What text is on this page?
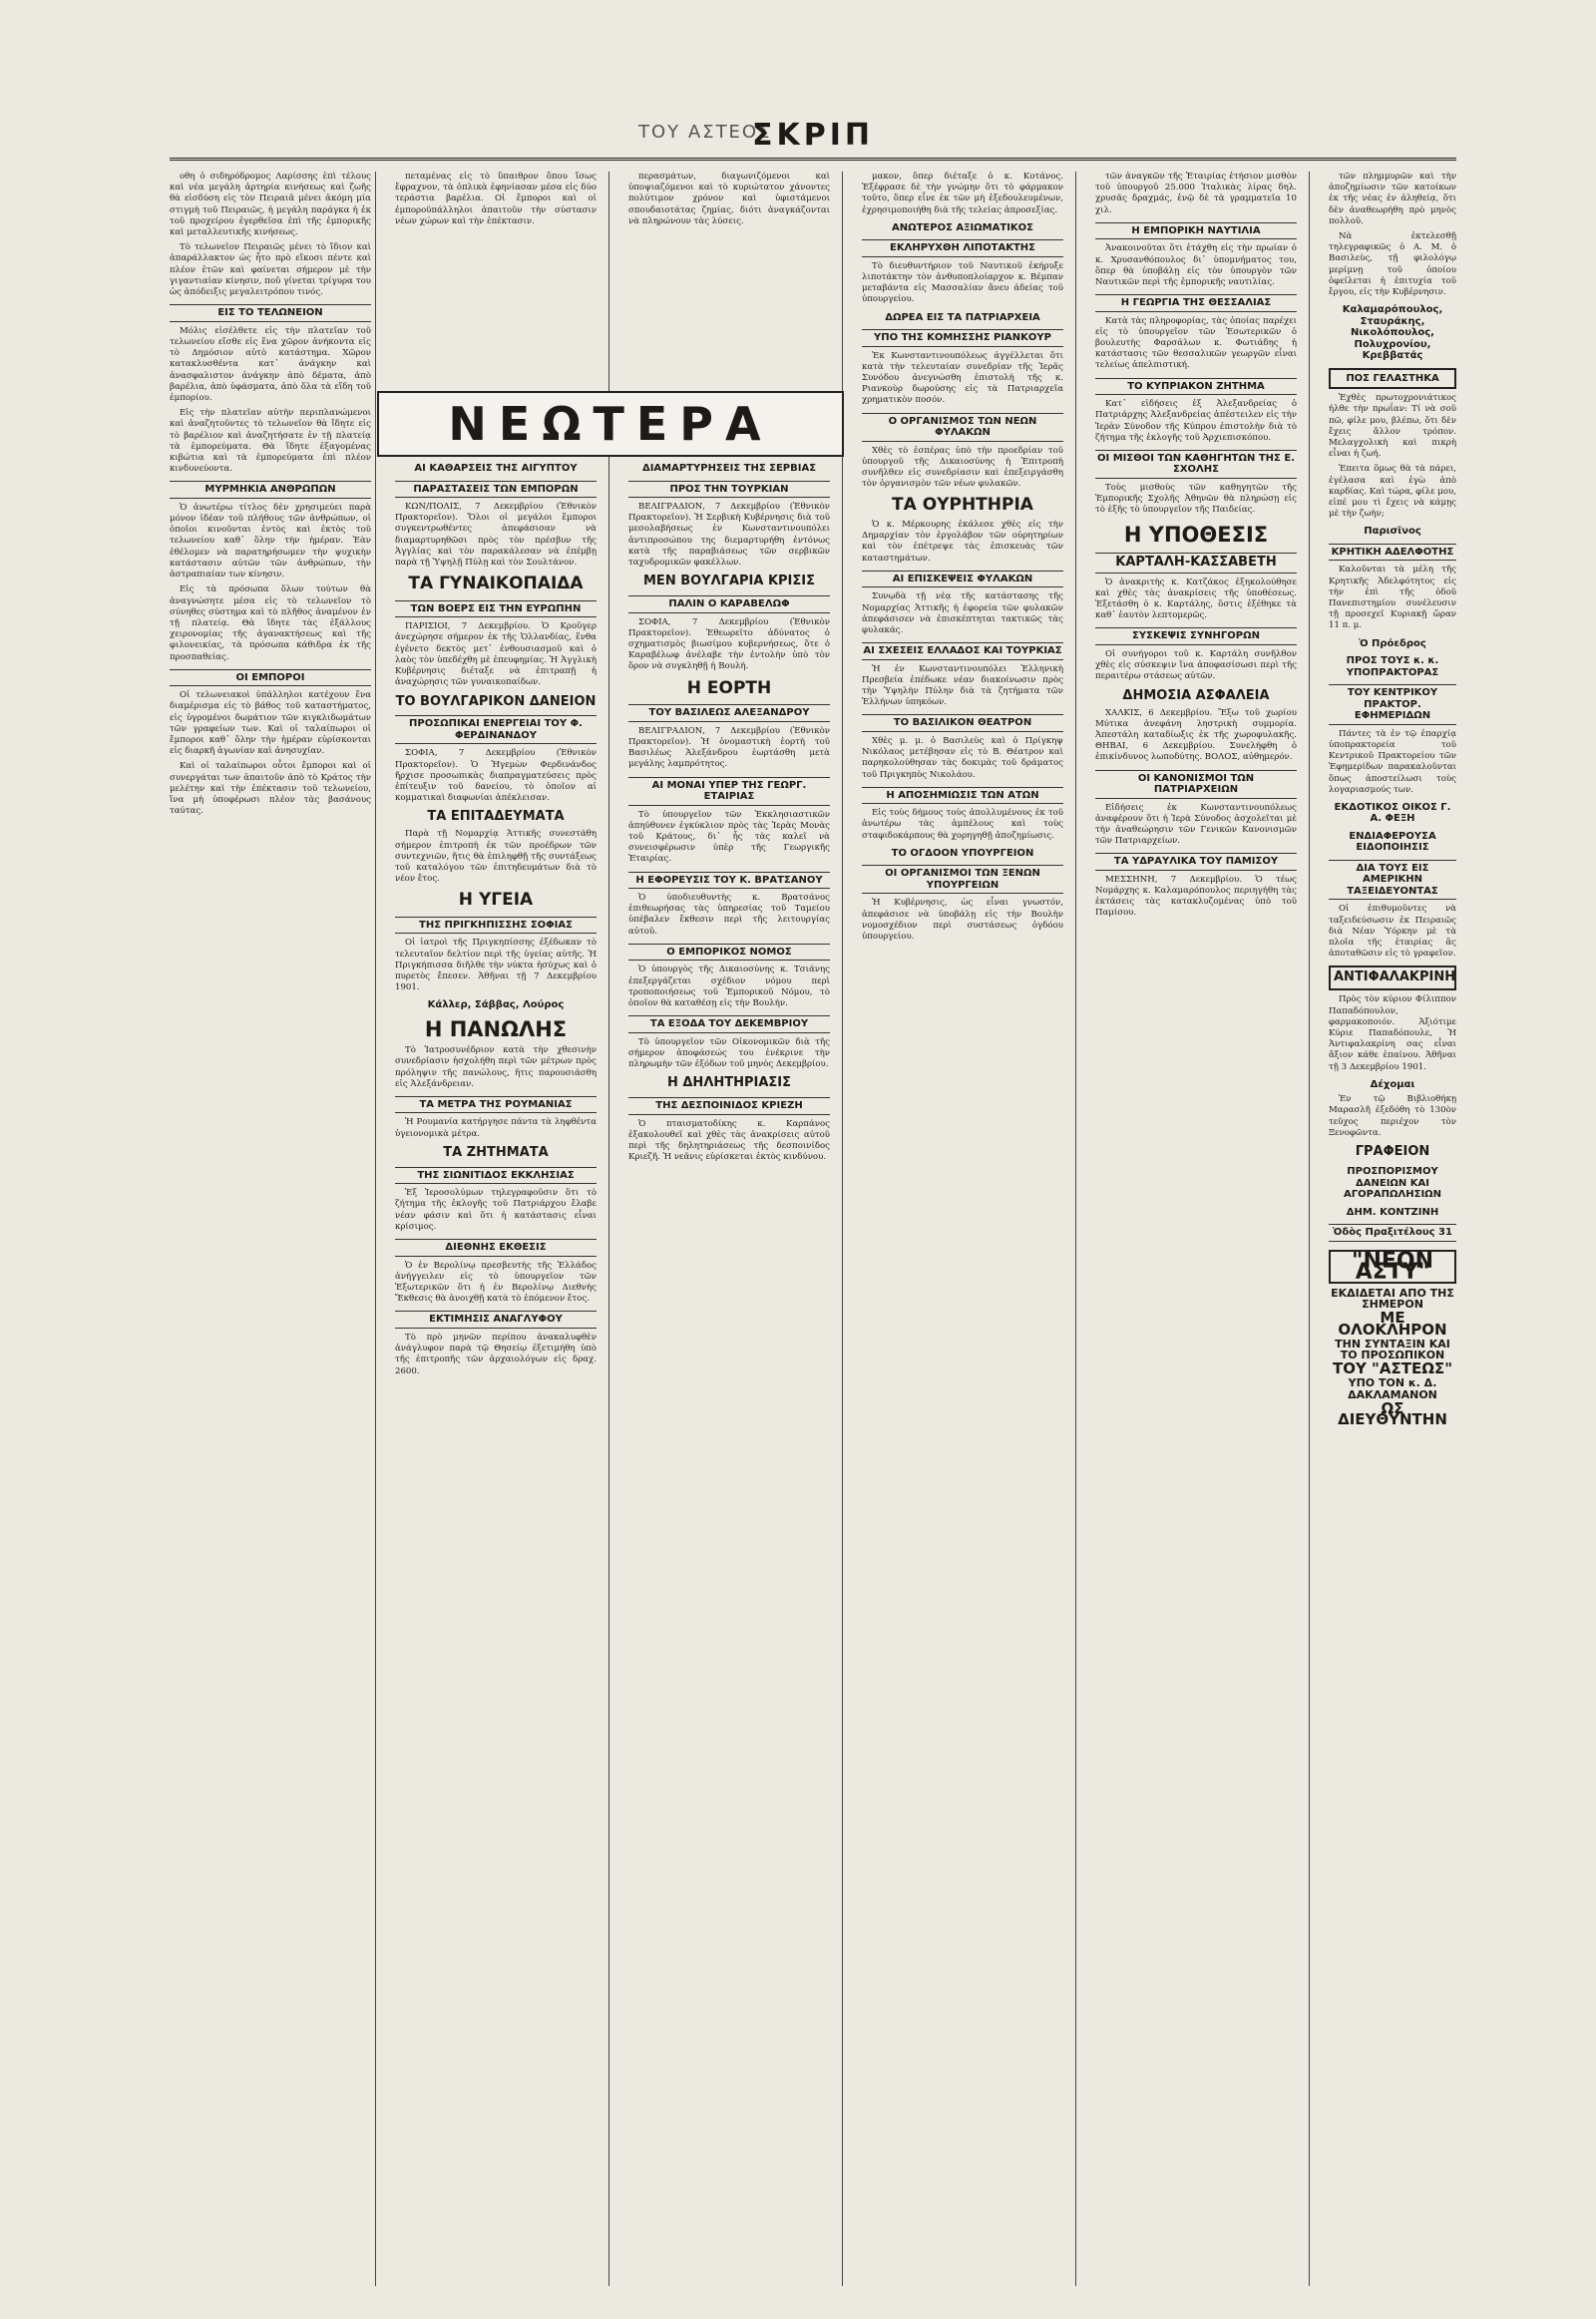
ΤΟΥ ΑΣΤΕΟΣ
ΣΚΡΙΠ

οθη ὁ σιδηρόδρομος Λαρίσσης ἐπὶ τέλους καὶ νέα μεγάλη ἀρτηρία κινήσεως καὶ ζωῆς θὰ εἰσδύση εἰς τὸν Πειραιᾶ μένει ἀκόμη μία στιγμὴ τοῦ Πειραιῶς, ἡ μεγάλη παράγκα ἡ ἐκ τοῦ προχείρου ἐγερθεῖσα ἐπὶ τῆς ἐμπορικῆς καὶ μεταλλευτικῆς κινήσεως.

Τὸ τελωνεῖον Πειραιῶς μένει τὸ ἴδιον καὶ ἀπαράλλακτον ὡς ἦτο πρὸ εἴκοσι πέντε καὶ πλέον ἐτῶν καὶ φαίνεται σήμερον μὲ τὴν γιγαντιαίαν κίνησιν, ποῦ γίνεται τρίγυρα του ὡς ἀπόδειξις μεγαλειτρόπου τινός.

ΕΙΣ ΤΟ ΤΕΛΩΝΕΙΟΝ

Μόλις εἰσέλθετε εἰς τὴν πλατεῖαν τοῦ τελωνείου εἴσθε εἰς ἕνα χῶρον ἀνήκοντα εἰς τὸ Δημόσιον αὐτὸ κατάστημα. Χῶρον κατακλυσθέντα κατ᾽ ἀνάγκην καὶ ἀνασφαλιστον ἀνάγκην ἀπὸ δέματα, ἀπὸ βαρέλια, ἀπὸ ὑφάσματα, ἀπὸ ὅλα τὰ εἴδη τοῦ ἐμπορίου.

Εἰς τὴν πλατεῖαν αὐτὴν περιπλανώμενοι καὶ ἀναζητοῦντες τὸ τελωνεῖον θὰ ἴδητε εἰς τὸ βαρέλιον καὶ ἀναζητήσατε ἐν τῇ πλατείᾳ τὰ ἐμπορεύματα. Θὰ ἴδητε ἐξαγομένας κιβώτια καὶ τὰ ἐμπορεύματα ἐπὶ πλέον κινδυνεύοντα.

ΜΥΡΜΗΚΙΑ ΑΝΘΡΩΠΩΝ

Ὁ ἀνωτέρω τίτλος δὲν χρησιμεύει παρὰ μόνον ἰδέαν τοῦ πλήθους τῶν ἀνθρώπων, οἱ ὁποῖοι κινοῦνται ἐντὸς καὶ ἐκτὸς τοῦ τελωνείου καθ᾽ ὅλην τὴν ἡμέραν. Ἐὰν ἐθέλομεν νὰ παρατηρήσωμεν τὴν ψυχικὴν κατάστασιν αὐτῶν τῶν ἀνθρώπων, τὴν ἀστραπιαίαν των κίνησιν.

Εἰς τὰ πρόσωπα ὅλων τούτων θὰ ἀναγνώσητε μέσα εἰς τὸ τελωνεῖον τὸ σύνηθες σύστημα καὶ τὸ πλῆθος ἀναμένον ἐν τῇ πλατείᾳ. Θὰ ἴδητε τὰς ἐξάλλους χειρονομίας τῆς ἀγανακτήσεως καὶ τῆς φιλονεικίας, τὰ πρόσωπα κάθιδρα ἐκ τῆς προσπαθείας.

ΟΙ ΕΜΠΟΡΟΙ

Οἱ τελωνειακοὶ ὑπάλληλοι κατέχουν ἕνα διαμέρισμα εἰς τὸ βάθος τοῦ καταστήματος, εἰς ὑγρομένοι δωμάτιον τῶν κιγκλιδωμάτων τῶν γραφείων των. Καὶ οἱ ταλαίπωροι οἱ ἔμποροι καθ᾽ ὅλην τὴν ἡμέραν εὑρίσκονται εἰς διαρκῆ ἀγωνίαν καὶ ἀνησυχίαν.

Καὶ οἱ ταλαίπωροι οὗτοι ἔμποροι καὶ οἱ συνεργάται των ἀπαιτοῦν ἀπὸ τὸ Κράτος τὴν μελέτην καὶ τὴν ἐπέκτασιν τοῦ τελωνείου, ἵνα μὴ ὑποφέρωσι πλέον τὰς βασάνους ταύτας.

ΝΕΩΤΕΡΑ

πεταμένας εἰς τὸ ὕπαιθρον ὅπου ἴσως ἔφραχνον, τὰ ὁπλικὰ ἐφηνίασαν μέσα εἰς δύο τεράστια βαρέλια. Οἱ ἔμποροι καὶ οἱ ἐμποροϋπάλληλοι ἀπαιτοῦν τὴν σύστασιν νέων χώρων καὶ τὴν ἐπέκτασιν.

ΑΙ ΚΑΘΑΡΣΕΙΣ ΤΗΣ ΑΙΓΥΠΤΟΥ
ΠΑΡΑΣΤΑΣΕΙΣ ΤΩΝ ΕΜΠΟΡΩΝ

ΚΩΝ/ΠΟΛΙΣ, 7 Δεκεμβρίου (Ἐθνικὸν Πρακτορεῖον). Ὅλοι οἱ μεγάλοι ἔμποροι συγκεντρωθέντες ἀπεφάσισαν νὰ διαμαρτυρηθῶσι πρὸς τὸν πρέσβυν τῆς Ἀγγλίας καὶ τὸν παρακάλεσαν νὰ ἐπέμβῃ παρὰ τῇ Ὑψηλῇ Πύλῃ καὶ τὸν Σουλτάνον.

ΤΑ ΓΥΝΑΙΚΟΠΑΙΔΑ
ΤΩΝ ΒΟΕΡΣ ΕΙΣ ΤΗΝ ΕΥΡΩΠΗΝ

ΠΑΡΙΣΙΟΙ, 7 Δεκεμβρίου. Ὁ Κροῦγερ ἀνεχώρησε σήμερον ἐκ τῆς Ὁλλανδίας, ἔνθα ἐγένετο δεκτὸς μετ᾽ ἐνθουσιασμοῦ καὶ ὁ λαὸς τὸν ὑπεδέχθη μὲ ἐπευφημίας. Ἡ Ἀγγλικὴ Κυβέρνησις διέταξε νὰ ἐπιτραπῇ ἡ ἀναχώρησις τῶν γυναικοπαίδων.

ΤΟ ΒΟΥΛΓΑΡΙΚΟΝ ΔΑΝΕΙΟΝ
ΠΡΟΣΩΠΙΚΑΙ ΕΝΕΡΓΕΙΑΙ ΤΟΥ Φ. ΦΕΡΔΙΝΑΝΔΟΥ

ΣΟΦΙΑ, 7 Δεκεμβρίου (Ἐθνικὸν Πρακτορεῖον). Ὁ Ἡγεμὼν Φερδινάνδος ἤρχισε προσωπικὰς διαπραγματεύσεις πρὸς ἐπίτευξιν τοῦ δανείου, τὸ ὁποῖον αἱ κομματικαὶ διαφωνίαι ἀπέκλεισαν.

ΤΑ ΕΠΙΤΑΔΕΥΜΑΤΑ

Παρὰ τῇ Νομαρχίᾳ Ἀττικῆς συνεστάθη σήμερον ἐπιτροπὴ ἐκ τῶν προέδρων τῶν συντεχνιῶν, ἥτις θὰ ἐπιληφθῇ τῆς συντάξεως τοῦ καταλόγου τῶν ἐπιτηδευμάτων διὰ τὸ νέον ἔτος.

Η ΥΓΕΙΑ
ΤΗΣ ΠΡΙΓΚΗΠΙΣΣΗΣ ΣΟΦΙΑΣ

Οἱ ἰατροὶ τῆς Πριγκηπίσσης ἐξέδωκαν τὸ τελευταῖον δελτίον περὶ τῆς ὑγείας αὐτῆς. Ἡ Πριγκήπισσα διῆλθε τὴν νύκτα ἡσύχως καὶ ὁ πυρετὸς ἔπεσεν. Ἀθῆναι τῇ 7 Δεκεμβρίου 1901.

Κάλλερ, Σάββας, Λούρος
Η ΠΑΝΩΛΗΣ

Τὸ Ἰατροσυνέδριον κατὰ τὴν χθεσινὴν συνεδρίασιν ἠσχολήθη περὶ τῶν μέτρων πρὸς πρόληψιν τῆς πανώλους, ἥτις παρουσιάσθη εἰς Ἀλεξάνδρειαν.

ΤΑ ΜΕΤΡΑ ΤΗΣ ΡΟΥΜΑΝΙΑΣ

Ἡ Ρουμανία κατήργησε πάντα τὰ ληφθέντα ὑγειονομικὰ μέτρα.

ΤΑ ΖΗΤΗΜΑΤΑ
ΤΗΣ ΣΙΩΝΙΤΙΔΟΣ ΕΚΚΛΗΣΙΑΣ

Ἐξ Ἱεροσολύμων τηλεγραφοῦσιν ὅτι τὸ ζήτημα τῆς ἐκλογῆς τοῦ Πατριάρχου ἔλαβε νέαν φάσιν καὶ ὅτι ἡ κατάστασις εἶναι κρίσιμος.

ΔΙΕΘΝΗΣ ΕΚΘΕΣΙΣ

Ὁ ἐν Βερολίνῳ πρεσβευτὴς τῆς Ἑλλάδος ἀνήγγειλεν εἰς τὸ ὑπουργεῖον τῶν Ἐξωτερικῶν ὅτι ἡ ἐν Βερολίνῳ Διεθνὴς Ἔκθεσις θὰ ἀνοιχθῇ κατὰ τὸ ἐπόμενον ἔτος.

ΕΚΤΙΜΗΣΙΣ ΑΝΑΓΛΥΦΟΥ

Τὸ πρὸ μηνῶν περίπου ἀνακαλυφθὲν ἀνάγλυφον παρὰ τῷ Θησείῳ ἐξετιμήθη ὑπὸ τῆς ἐπιτροπῆς τῶν ἀρχαιολόγων εἰς δραχ. 2600.

περασμάτων, διαγωνιζόμενοι καὶ ὑποψιαζόμενοι καὶ τὸ κυριώτατον χάνοντες πολύτιμον χρόνον καὶ ὑφιστάμενοι σπουδαιοτάτας ζημίας, διότι ἀναγκάζονται νὰ πληρώνουν τὰς λύσεις.

ΔΙΑΜΑΡΤΥΡΗΣΕΙΣ ΤΗΣ ΣΕΡΒΙΑΣ
ΠΡΟΣ ΤΗΝ ΤΟΥΡΚΙΑΝ

ΒΕΛΙΓΡΑΔΙΟΝ, 7 Δεκεμβρίου (Ἐθνικὸν Πρακτορεῖον). Ἡ Σερβικὴ Κυβέρνησις διὰ τοῦ μεσολαβήσεως ἐν Κωνσταντινουπόλει ἀντιπροσώπου της διεμαρτυρήθη ἐντόνως κατὰ τῆς παραβιάσεως τῶν σερβικῶν ταχυδρομικῶν φακέλλων.

ΜΕΝ ΒΟΥΛΓΑΡΙΑ ΚΡΙΣΙΣ
ΠΑΛΙΝ Ο ΚΑΡΑΒΕΛΩΦ

ΣΟΦΙΑ, 7 Δεκεμβρίου (Ἐθνικὸν Πρακτορεῖον). Ἐθεωρεῖτο ἀδύνατος ὁ σχηματισμὸς βιωσίμου κυβερνήσεως, ὅτε ὁ Καραβέλωφ ἀνέλαβε τὴν ἐντολὴν ὑπὸ τὸν ὅρον νὰ συγκληθῇ ἡ Βουλή.

Η ΕΟΡΤΗ
ΤΟΥ ΒΑΣΙΛΕΩΣ ΑΛΕΞΑΝΔΡΟΥ

ΒΕΛΙΓΡΑΔΙΟΝ, 7 Δεκεμβρίου (Ἐθνικὸν Πρακτορεῖον). Ἡ ὀνομαστικὴ ἑορτὴ τοῦ Βασιλέως Ἀλεξάνδρου ἑωρτάσθη μετὰ μεγάλης λαμπρότητος.

ΑΙ ΜΟΝΑΙ ΥΠΕΡ ΤΗΣ ΓΕΩΡΓ. ΕΤΑΙΡΙΑΣ

Τὸ ὑπουργεῖον τῶν Ἐκκλησιαστικῶν ἀπηύθυνεν ἐγκύκλιον πρὸς τὰς Ἱερὰς Μονὰς τοῦ Κράτους, δι᾽ ἧς τὰς καλεῖ νὰ συνεισφέρωσιν ὑπὲρ τῆς Γεωργικῆς Ἑταιρίας.

Η ΕΦΟΡΕΥΣΙΣ ΤΟΥ Κ. ΒΡΑΤΣΑΝΟΥ

Ὁ ὑποδιευθυντὴς κ. Βρατσάνος ἐπιθεωρήσας τὰς ὑπηρεσίας τοῦ Ταμείου ὑπέβαλεν ἔκθεσιν περὶ τῆς λειτουργίας αὐτοῦ.

Ο ΕΜΠΟΡΙΚΟΣ ΝΟΜΟΣ

Ὁ ὑπουργὸς τῆς Δικαιοσύνης κ. Τσιάνης ἐπεξεργάζεται σχέδιον νόμου περὶ τροποποιήσεως τοῦ Ἐμπορικοῦ Νόμου, τὸ ὁποῖον θὰ καταθέσῃ εἰς τὴν Βουλήν.

ΤΑ ΕΞΟΔΑ ΤΟΥ ΔΕΚΕΜΒΡΙΟΥ

Τὸ ὑπουργεῖον τῶν Οἰκονομικῶν διὰ τῆς σήμερον ἀποφάσεώς του ἐνέκρινε τὴν πληρωμὴν τῶν ἐξόδων τοῦ μηνὸς Δεκεμβρίου.

Η ΔΗΛΗΤΗΡΙΑΣΙΣ
ΤΗΣ ΔΕΣΠΟΙΝΙΔΟΣ ΚΡΙΕΖΗ

Ὁ πταισματοδίκης κ. Καρπάνος ἐξακολουθεῖ καὶ χθὲς τὰς ἀνακρίσεις αὐτοῦ περὶ τῆς δηλητηριάσεως τῆς δεσποινίδος Κριεζῆ. Ἡ νεᾶνις εὑρίσκεται ἐκτὸς κινδύνου.

μακον, ὅπερ διέταξε ὁ κ. Κοτάνος. Ἐξέφρασε δὲ τὴν γνώμην ὅτι τὸ φάρμακον τοῦτο, ὅπερ εἶνε ἐκ τῶν μὴ ἐξεδουλευμένων, ἐχρησιμοποιήθη διὰ τῆς τελείας ἀπροσεξίας.

ΑΝΩΤΕΡΟΣ ΑΞΙΩΜΑΤΙΚΟΣ
ΕΚΛΗΡΥΧΘΗ ΛΙΠΟΤΑΚΤΗΣ

Τὸ διευθυντήριον τοῦ Ναυτικοῦ ἐκήρυξε λιποτάκτην τὸν ἀνθυποπλοίαρχον κ. Βέμπαν μεταβάντα εἰς Μασσαλίαν ἄνευ ἀδείας τοῦ ὑπουργείου.

ΔΩΡΕΑ ΕΙΣ ΤΑ ΠΑΤΡΙΑΡΧΕΙΑ
ΥΠΟ ΤΗΣ ΚΟΜΗΣΣΗΣ ΡΙΑΝΚΟΥΡ

Ἐκ Κωνσταντινουπόλεως ἀγγέλλεται ὅτι κατὰ τὴν τελευταίαν συνεδρίαν τῆς Ἱερᾶς Συνόδου ἀνεγνώσθη ἐπιστολὴ τῆς κ. Ριανκοὺρ δωρούσης εἰς τὰ Πατριαρχεῖα χρηματικὸν ποσόν.

Ο ΟΡΓΑΝΙΣΜΟΣ ΤΩΝ ΝΕΩΝ ΦΥΛΑΚΩΝ

Χθὲς τὸ ἑσπέρας ὑπὸ τὴν προεδρίαν τοῦ ὑπουργοῦ τῆς Δικαιοσύνης ἡ Ἐπιτροπὴ συνῆλθεν εἰς συνεδρίασιν καὶ ἐπεξειργάσθη τὸν ὀργανισμὸν τῶν νέων φυλακῶν.

ΤΑ ΟΥΡΗΤΗΡΙΑ

Ὁ κ. Μέρκουρης ἐκάλεσε χθὲς εἰς τὴν Δημαρχίαν τὸν ἐργολάβον τῶν οὐρητηρίων καὶ τὸν ἐπέτρεψε τὰς ἐπισκευὰς τῶν καταστημάτων.

ΑΙ ΕΠΙΣΚΕΨΕΙΣ ΦΥΛΑΚΩΝ

Συνῳδὰ τῇ νέᾳ τῆς κατάστασης τῆς Νομαρχίας Ἀττικῆς ἡ ἐφορεία τῶν φυλακῶν ἀπεφάσισεν νὰ ἐπισκέπτηται τακτικῶς τὰς φυλακάς.

ΑΙ ΣΧΕΣΕΙΣ ΕΛΛΑΔΟΣ ΚΑΙ ΤΟΥΡΚΙΑΣ

Ἡ ἐν Κωνσταντινουπόλει Ἑλληνικὴ Πρεσβεία ἐπέδωκε νέαν διακοίνωσιν πρὸς τὴν Ὑψηλὴν Πύλην διὰ τὰ ζητήματα τῶν Ἑλλήνων ὑπηκόων.

ΤΟ ΒΑΣΙΛΙΚΟΝ ΘΕΑΤΡΟΝ

Χθὲς μ. μ. ὁ Βασιλεὺς καὶ ὁ Πρίγκηψ Νικόλαος μετέβησαν εἰς τὸ Β. Θέατρον καὶ παρηκολούθησαν τὰς δοκιμὰς τοῦ δράματος τοῦ Πριγκηπὸς Νικολάου.

Η ΑΠΟΣΗΜΙΩΣΙΣ ΤΩΝ ΑΤΩΝ

Εἰς τοὺς δήμους τοὺς ἀπολλυμένους ἐκ τοῦ ἀνωτέρω τὰς ἀμπέλους καὶ τοὺς σταφιδοκάρπους θὰ χορηγηθῇ ἀποζημίωσις.

ΤΟ ΟΓΔΟΟΝ ΥΠΟΥΡΓΕΙΟΝ
ΟΙ ΟΡΓΑΝΙΣΜΟΙ ΤΩΝ ΞΕΝΩΝ ΥΠΟΥΡΓΕΙΩΝ

Ἡ Κυβέρνησις, ὡς εἶναι γνωστόν, ἀπεφάσισε νὰ ὑποβάλῃ εἰς τὴν Βουλὴν νομοσχέδιον περὶ συστάσεως ὀγδόου ὑπουργείου.

τῶν ἀναγκῶν τῆς Ἑταιρίας ἐτήσιον μισθὸν τοῦ ὑπουργοῦ 25.000 Ἰταλικὰς λίρας δηλ. χρυσᾶς δραχμάς, ἐνῷ δὲ τὰ γραμματεῖα 10 χιλ.

Η ΕΜΠΟΡΙΚΗ ΝΑΥΤΙΛΙΑ

Ἀνακοινοῦται ὅτι ἐτάχθη εἰς τὴν πρωίαν ὁ κ. Χρυσανθόπουλος δι᾽ ὑπομνήματος του, ὅπερ θὰ ὑποβάλῃ εἰς τὸν ὑπουργὸν τῶν Ναυτικῶν περὶ τῆς ἐμπορικῆς ναυτιλίας.

Η ΓΕΩΡΓΙΑ ΤΗΣ ΘΕΣΣΑΛΙΑΣ

Κατὰ τὰς πληροφορίας, τὰς ὁποίας παρέχει εἰς τὸ ὑπουργεῖον τῶν Ἐσωτερικῶν ὁ βουλευτὴς Φαρσάλων κ. Φωτιάδης ἡ κατάστασις τῶν θεσσαλικῶν γεωργῶν εἶναι τελείως ἀπελπιστική.

ΤΟ ΚΥΠΡΙΑΚΟΝ ΖΗΤΗΜΑ

Κατ᾽ εἰδήσεις ἐξ Ἀλεξανδρείας ὁ Πατριάρχης Ἀλεξανδρείας ἀπέστειλεν εἰς τὴν Ἱερὰν Σύνοδον τῆς Κύπρου ἐπιστολὴν διὰ τὸ ζήτημα τῆς ἐκλογῆς τοῦ Ἀρχιεπισκόπου.

ΟΙ ΜΙΣΘΟΙ ΤΩΝ ΚΑΘΗΓΗΤΩΝ ΤΗΣ Ε. ΣΧΟΛΗΣ

Τοὺς μισθοὺς τῶν καθηγητῶν τῆς Ἐμπορικῆς Σχολῆς Ἀθηνῶν θὰ πληρώσῃ εἰς τὸ ἑξῆς τὸ ὑπουργεῖον τῆς Παιδείας.

Η ΥΠΟΘΕΣΙΣ
ΚΑΡΤΑΛΗ-ΚΑΣΣΑΒΕΤΗ

Ὁ ἀνακριτὴς κ. Κατζάκος ἐξηκολούθησε καὶ χθὲς τὰς ἀνακρίσεις τῆς ὑποθέσεως. Ἐξετάσθη ὁ κ. Καρτάλης, ὅστις ἐξέθηκε τὰ καθ᾽ ἑαυτὸν λεπτομερῶς.

ΣΥΣΚΕΨΙΣ ΣΥΝΗΓΟΡΩΝ

Οἱ συνήγοροι τοῦ κ. Καρτάλη συνῆλθον χθὲς εἰς σύσκεψιν ἵνα ἀποφασίσωσι περὶ τῆς περαιτέρω στάσεως αὐτῶν.

ΔΗΜΟΣΙΑ ΑΣΦΑΛΕΙΑ

ΧΑΛΚΙΣ, 6 Δεκεμβρίου. Ἔξω τοῦ χωρίου Μύτικα ἀνεφάνη ληστρικὴ συμμορία. Ἀπεστάλη καταδίωξις ἐκ τῆς χωροφυλακῆς. ΘΗΒΑΙ, 6 Δεκεμβρίου. Συνελήφθη ὁ ἐπικίνδυνος λωποδύτης. ΒΟΛΟΣ, αὐθημερόν.

ΟΙ ΚΑΝΟΝΙΣΜΟΙ ΤΩΝ ΠΑΤΡΙΑΡΧΕΙΩΝ

Εἰδήσεις ἐκ Κωνσταντινουπόλεως ἀναφέρουν ὅτι ἡ Ἱερὰ Σύνοδος ἀσχολεῖται μὲ τὴν ἀναθεώρησιν τῶν Γενικῶν Κανονισμῶν τῶν Πατριαρχείων.

ΤΑ ΥΔΡΑΥΛΙΚΑ ΤΟΥ ΠΑΜΙΣΟΥ

ΜΕΣΣΗΝΗ, 7 Δεκεμβρίου. Ὁ τέως Νομάρχης κ. Καλαμαρόπουλος περιηγήθη τὰς ἐκτάσεις τὰς κατακλυζομένας ὑπὸ τοῦ Παμίσου.

τῶν πλημμυρῶν καὶ τὴν ἀποζημίωσιν τῶν κατοίκων ἐκ τῆς νέας ἐν ἀληθείᾳ, ὅτι δὲν ἀναθεωρήθη πρὸ μηνὸς πολλοῦ.

Νὰ ἐκτελεσθῇ τηλεγραφικῶς ὁ Α. Μ. ὁ Βασιλεὺς, τῇ φιλολόγῳ μερίμνῃ τοῦ ὁποίου ὀφείλεται ἡ ἐπιτυχία τοῦ ἔργου, εἰς τὴν Κυβέρνησιν.

Καλαμαρόπουλος, Σταυράκης, Νικολόπουλος, Πολυχρονίου, Κρεββατάς
ΠΟΣ ΓΕΛΑΣΤΗΚΑ

Ἐχθὲς πρωτοχρονιάτικος ἠλθε τὴν πρωΐαν: Τί νὰ σοῦ πῶ, φίλε μου, βλέπω, ὅτι δὲν ἔχεις ἄλλον τρόπον. Μελαγχολικὴ καὶ πικρὴ εἶναι ἡ ζωή.

Ἐπειτα ὅμως θὰ τὰ πάρει, ἐγέλασα καὶ ἐγὼ ἀπὸ καρδίας. Καὶ τώρα, φίλε μου, εἰπέ μου τὶ ἔχεις νὰ κάμῃς μὲ τὴν ζωὴν;

Παρισῖνος
ΚΡΗΤΙΚΗ ΑΔΕΛΦΟΤΗΣ

Καλοῦνται τὰ μέλη τῆς Κρητικῆς Ἀδελφότητος εἰς τὴν ἐπὶ τῆς ὁδοῦ Πανεπιστημίου συνέλευσιν τῇ προσεχεῖ Κυριακῇ ὥραν 11 π. μ.

Ὁ Πρόεδρος
ΠΡΟΣ ΤΟΥΣ κ. κ. ΥΠΟΠΡΑΚΤΟΡΑΣ
ΤΟΥ ΚΕΝΤΡΙΚΟΥ ΠΡΑΚΤΟΡ. ΕΦΗΜΕΡΙΔΩΝ

Πάντες τὰ ἐν τῷ ἐπαρχίᾳ ὑποπρακτορεία τοῦ Κεντρικοῦ Πρακτορείου τῶν Ἐφημερίδων παρακαλοῦνται ὅπως ἀποστείλωσι τοὺς λογαριασμούς των.

ΕΚΔΟΤΙΚΟΣ ΟΙΚΟΣ Γ. Α. ΦΕΞΗ
ΕΝΔΙΑΦΕΡΟΥΣΑ ΕΙΔΟΠΟΙΗΣΙΣ
ΔΙΑ ΤΟΥΣ ΕΙΣ ΑΜΕΡΙΚΗΝ ΤΑΞΕΙΔΕΥΟΝΤΑΣ

Οἱ ἐπιθυμοῦντες νὰ ταξειδεύσωσιν ἐκ Πειραιῶς διὰ Νέαν Ὑόρκην μὲ τὰ πλοῖα τῆς ἑταιρίας ἂς ἀποταθῶσιν εἰς τὸ γραφεῖον.

ΑΝΤΙΦΑΛΑΚΡΙΝΗ

Πρὸς τὸν κύριον Φίλιππον Παπαδόπουλον, φαρμακοποιόν. Ἀξιότιμε Κύριε Παπαδόπουλε, Ἡ Ἀντιφαλακρίνη σας εἶναι ἄξιον κάθε ἐπαίνου. Ἀθῆναι τῇ 3 Δεκεμβρίου 1901.

Δέχομαι

Ἐν τῷ Βιβλιοθήκῃ Μαρασλῆ ἐξεδόθη τὸ 130ὸν τεῦχος περιέχον τὸν Ξενοφῶντα.

ΓΡΑΦΕΙΟΝ
ΠΡΟΣΠΟΡΙΣΜΟΥ ΔΑΝΕΙΩΝ ΚΑΙ ΑΓΟΡΑΠΩΛΗΣΙΩΝ
ΔΗΜ. ΚΟΝΤΖΙΝΗ
Ὁδὸς Πραξιτέλους 31
"ΝΕΟΝ ΑΣΤΥ"
ΕΚΔΙΔΕΤΑΙ ΑΠΟ ΤΗΣ ΣΗΜΕΡΟΝ
ΜΕ ΟΛΟΚΛΗΡΟΝ
ΤΗΝ ΣΥΝΤΑΞΙΝ ΚΑΙ ΤΟ ΠΡΟΣΩΠΙΚΟΝ
ΤΟΥ "ΑΣΤΕΩΣ"
ΥΠΟ ΤΟΝ κ. Δ. ΔΑΚΛΑΜΑΝΟΝ
ΩΣ ΔΙΕΥΘΥΝΤΗΝ
